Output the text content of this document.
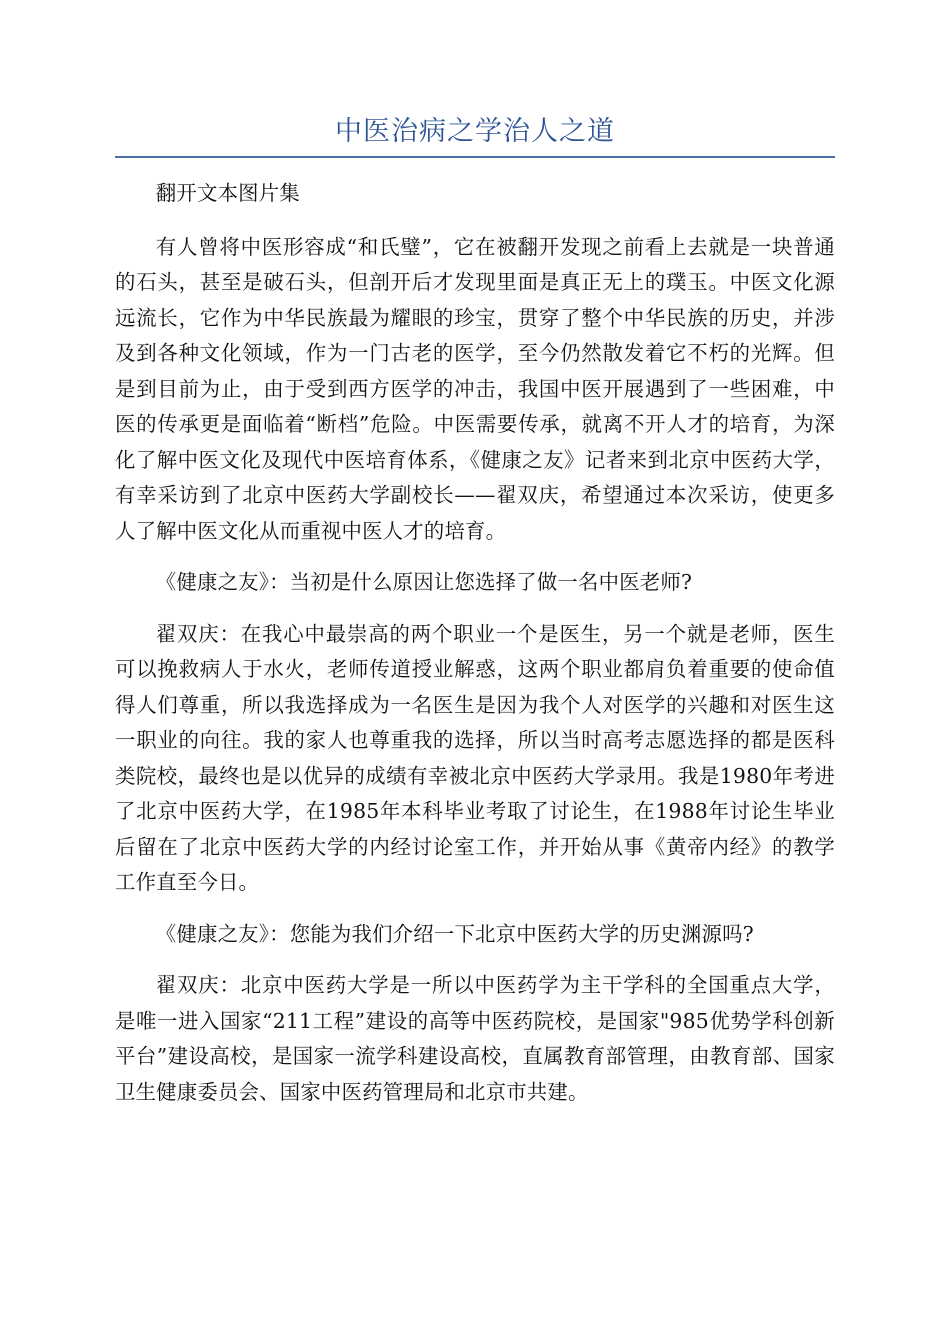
中医治病之学治人之道

翻开文本图片集

有人曾将中医形容成“和氏璧”，它在被翻开发现之前看上去就是一块普通的石头，甚至是破石头，但剖开后才发现里面是真正无上的璞玉。中医文化源远流长，它作为中华民族最为耀眼的珍宝，贯穿了整个中华民族的历史，并涉及到各种文化领域，作为一门古老的医学，至今仍然散发着它不朽的光辉。但是到目前为止，由于受到西方医学的冲击，我国中医开展遇到了一些困难，中医的传承更是面临着“断档”危险。中医需要传承，就离不开人才的培育，为深化了解中医文化及现代中医培育体系，《健康之友》记者来到北京中医药大学，有幸采访到了北京中医药大学副校长——翟双庆，希望通过本次采访，使更多人了解中医文化从而重视中医人才的培育。

《健康之友》：当初是什么原因让您选择了做一名中医老师?

翟双庆：在我心中最崇高的两个职业一个是医生，另一个就是老师，医生可以挽救病人于水火，老师传道授业解惑，这两个职业都肩负着重要的使命值得人们尊重，所以我选择成为一名医生是因为我个人对医学的兴趣和对医生这一职业的向往。我的家人也尊重我的选择，所以当时高考志愿选择的都是医科类院校，最终也是以优异的成绩有幸被北京中医药大学录用。我是1980年考进了北京中医药大学，在1985年本科毕业考取了讨论生，在1988年讨论生毕业后留在了北京中医药大学的内经讨论室工作，并开始从事《黄帝内经》的教学工作直至今日。

《健康之友》：您能为我们介绍一下北京中医药大学的历史渊源吗?

翟双庆：北京中医药大学是一所以中医药学为主干学科的全国重点大学，是唯一进入国家“211工程”建设的高等中医药院校，是国家"985优势学科创新平台”建设高校，是国家一流学科建设高校，直属教育部管理，由教育部、国家卫生健康委员会、国家中医药管理局和北京市共建。
